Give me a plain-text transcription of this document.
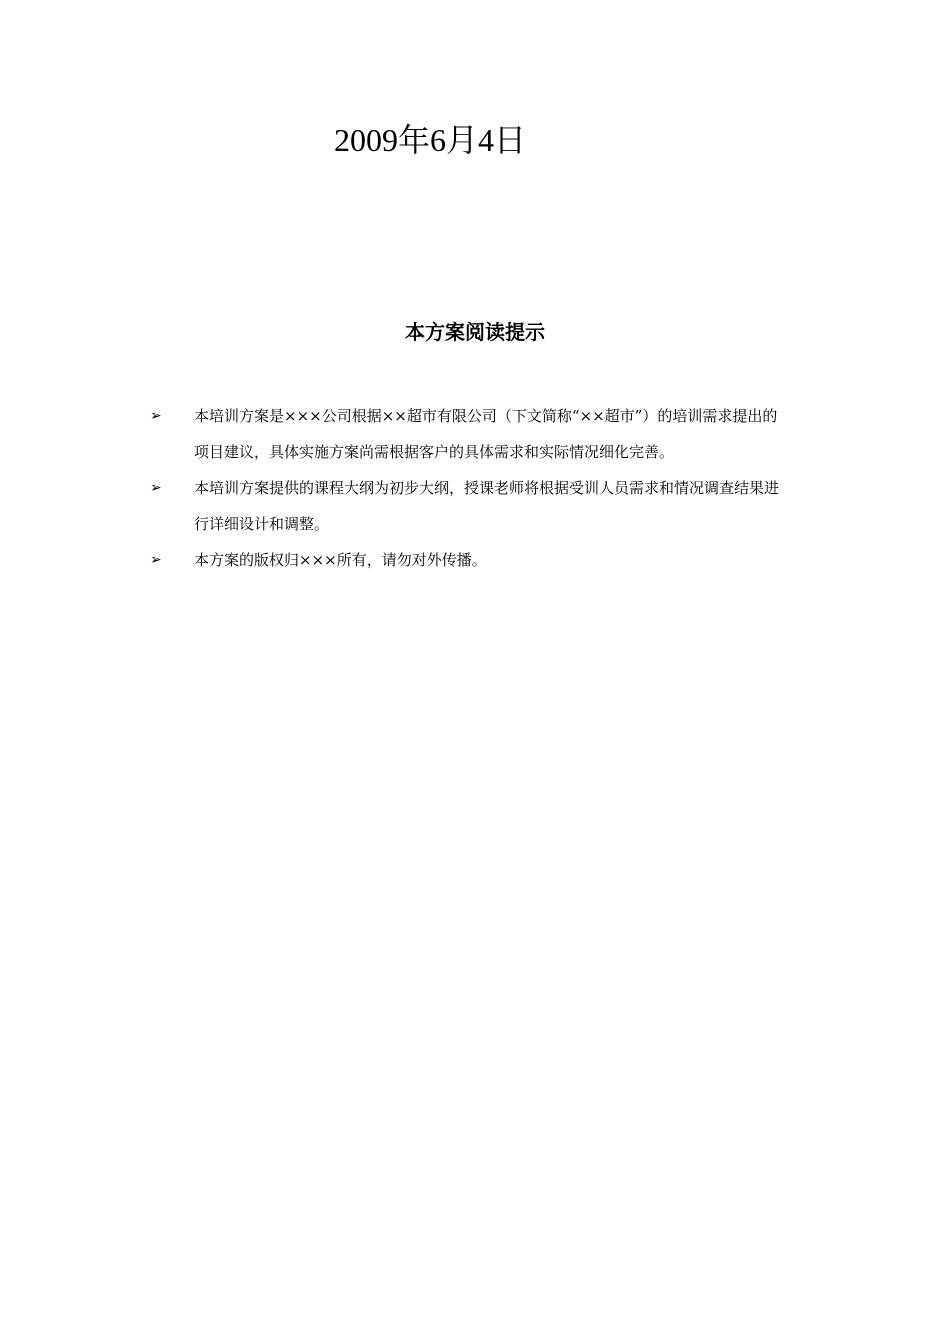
2009年6月4日
本方案阅读提示
➢ 本培训方案是×××公司根据××超市有限公司（下文简称“××超市”）的培训需求提出的项目建议，具体实施方案尚需根据客户的具体需求和实际情况细化完善。
➢ 本培训方案提供的课程大纲为初步大纲，授课老师将根据受训人员需求和情况调查结果进行详细设计和调整。
➢ 本方案的版权归×××所有，请勿对外传播。
